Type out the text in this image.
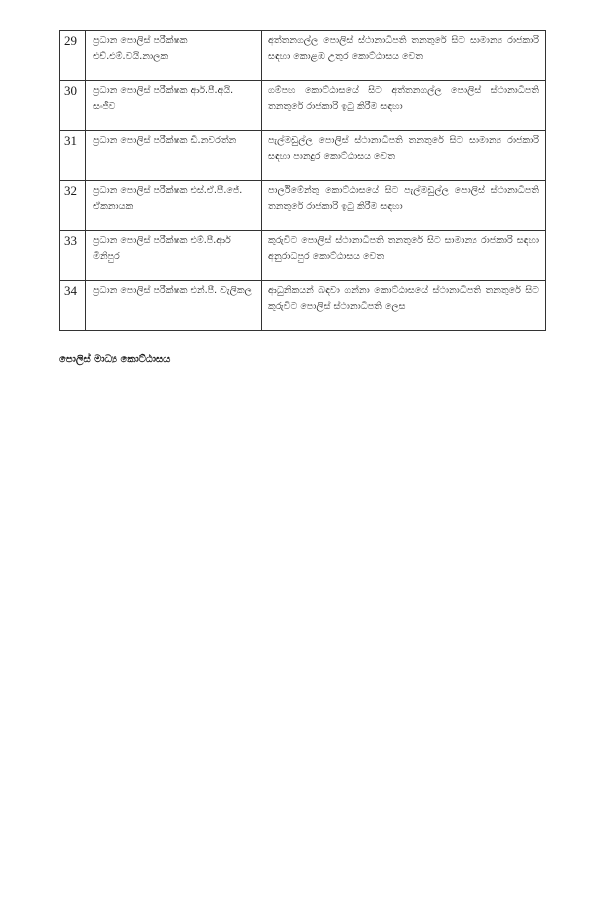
29	ප්‍රධාන පොලිස් පරීක්ෂක එච්.එම්.වයි.නාලක	අත්තනගල්ල පොලිස් ස්ථානාධිපති තනතුරේ සිට සාමාන්‍ය රාජකාරි සඳහා කොළඹ උතුර කොට්ඨාසය වෙත
30	ප්‍රධාන පොලිස් පරීක්ෂක ආර්.පී.අයි. සංජීව	ගම්පහ කොට්ඨාසයේ සිට අත්තනගල්ල පොලිස් ස්ථානාධිපති තනතුරේ රාජකාරි ඉටු කිරීම සඳහා
31	ප්‍රධාන පොලිස් පරීක්ෂක ඩී.නවරත්න	පැල්මඩුල්ල පොලිස් ස්ථානාධිපති තනතුරේ සිට සාමාන්‍ය රාජකාරි සඳහා පානදුර කොට්ඨාසය වෙත
32	ප්‍රධාන පොලිස් පරීක්ෂක එස්.ඒ.පී.ජේ. ඒකනායක	පාර්ලිමේන්තු කොට්ඨාසයේ සිට පැල්මඩුල්ල පොලිස් ස්ථානාධිපති තනතුරේ රාජකාරි ඉටු කිරීම සඳහා
33	ප්‍රධාන පොලිස් පරීක්ෂක එම්.පී.ආර් මිනිපුර	කුරුවිට පොලිස් ස්ථානාධිපති තනතුරේ සිට සාමාන්‍ය රාජකාරි සඳහා අනුරාධපුර කොට්ඨාසය වෙත
34	ප්‍රධාන පොලිස් පරීක්ෂක එන්.පී. වැලිකල	ආධුනිකයන් බඳවා ගන්නා කොට්ඨාසයේ ස්ථානාධිපති තනතුරේ සිට කුරුවිට පොලිස් ස්ථානාධිපති ලෙස

පොලිස් මාධ්‍ය කොට්ඨාසය
